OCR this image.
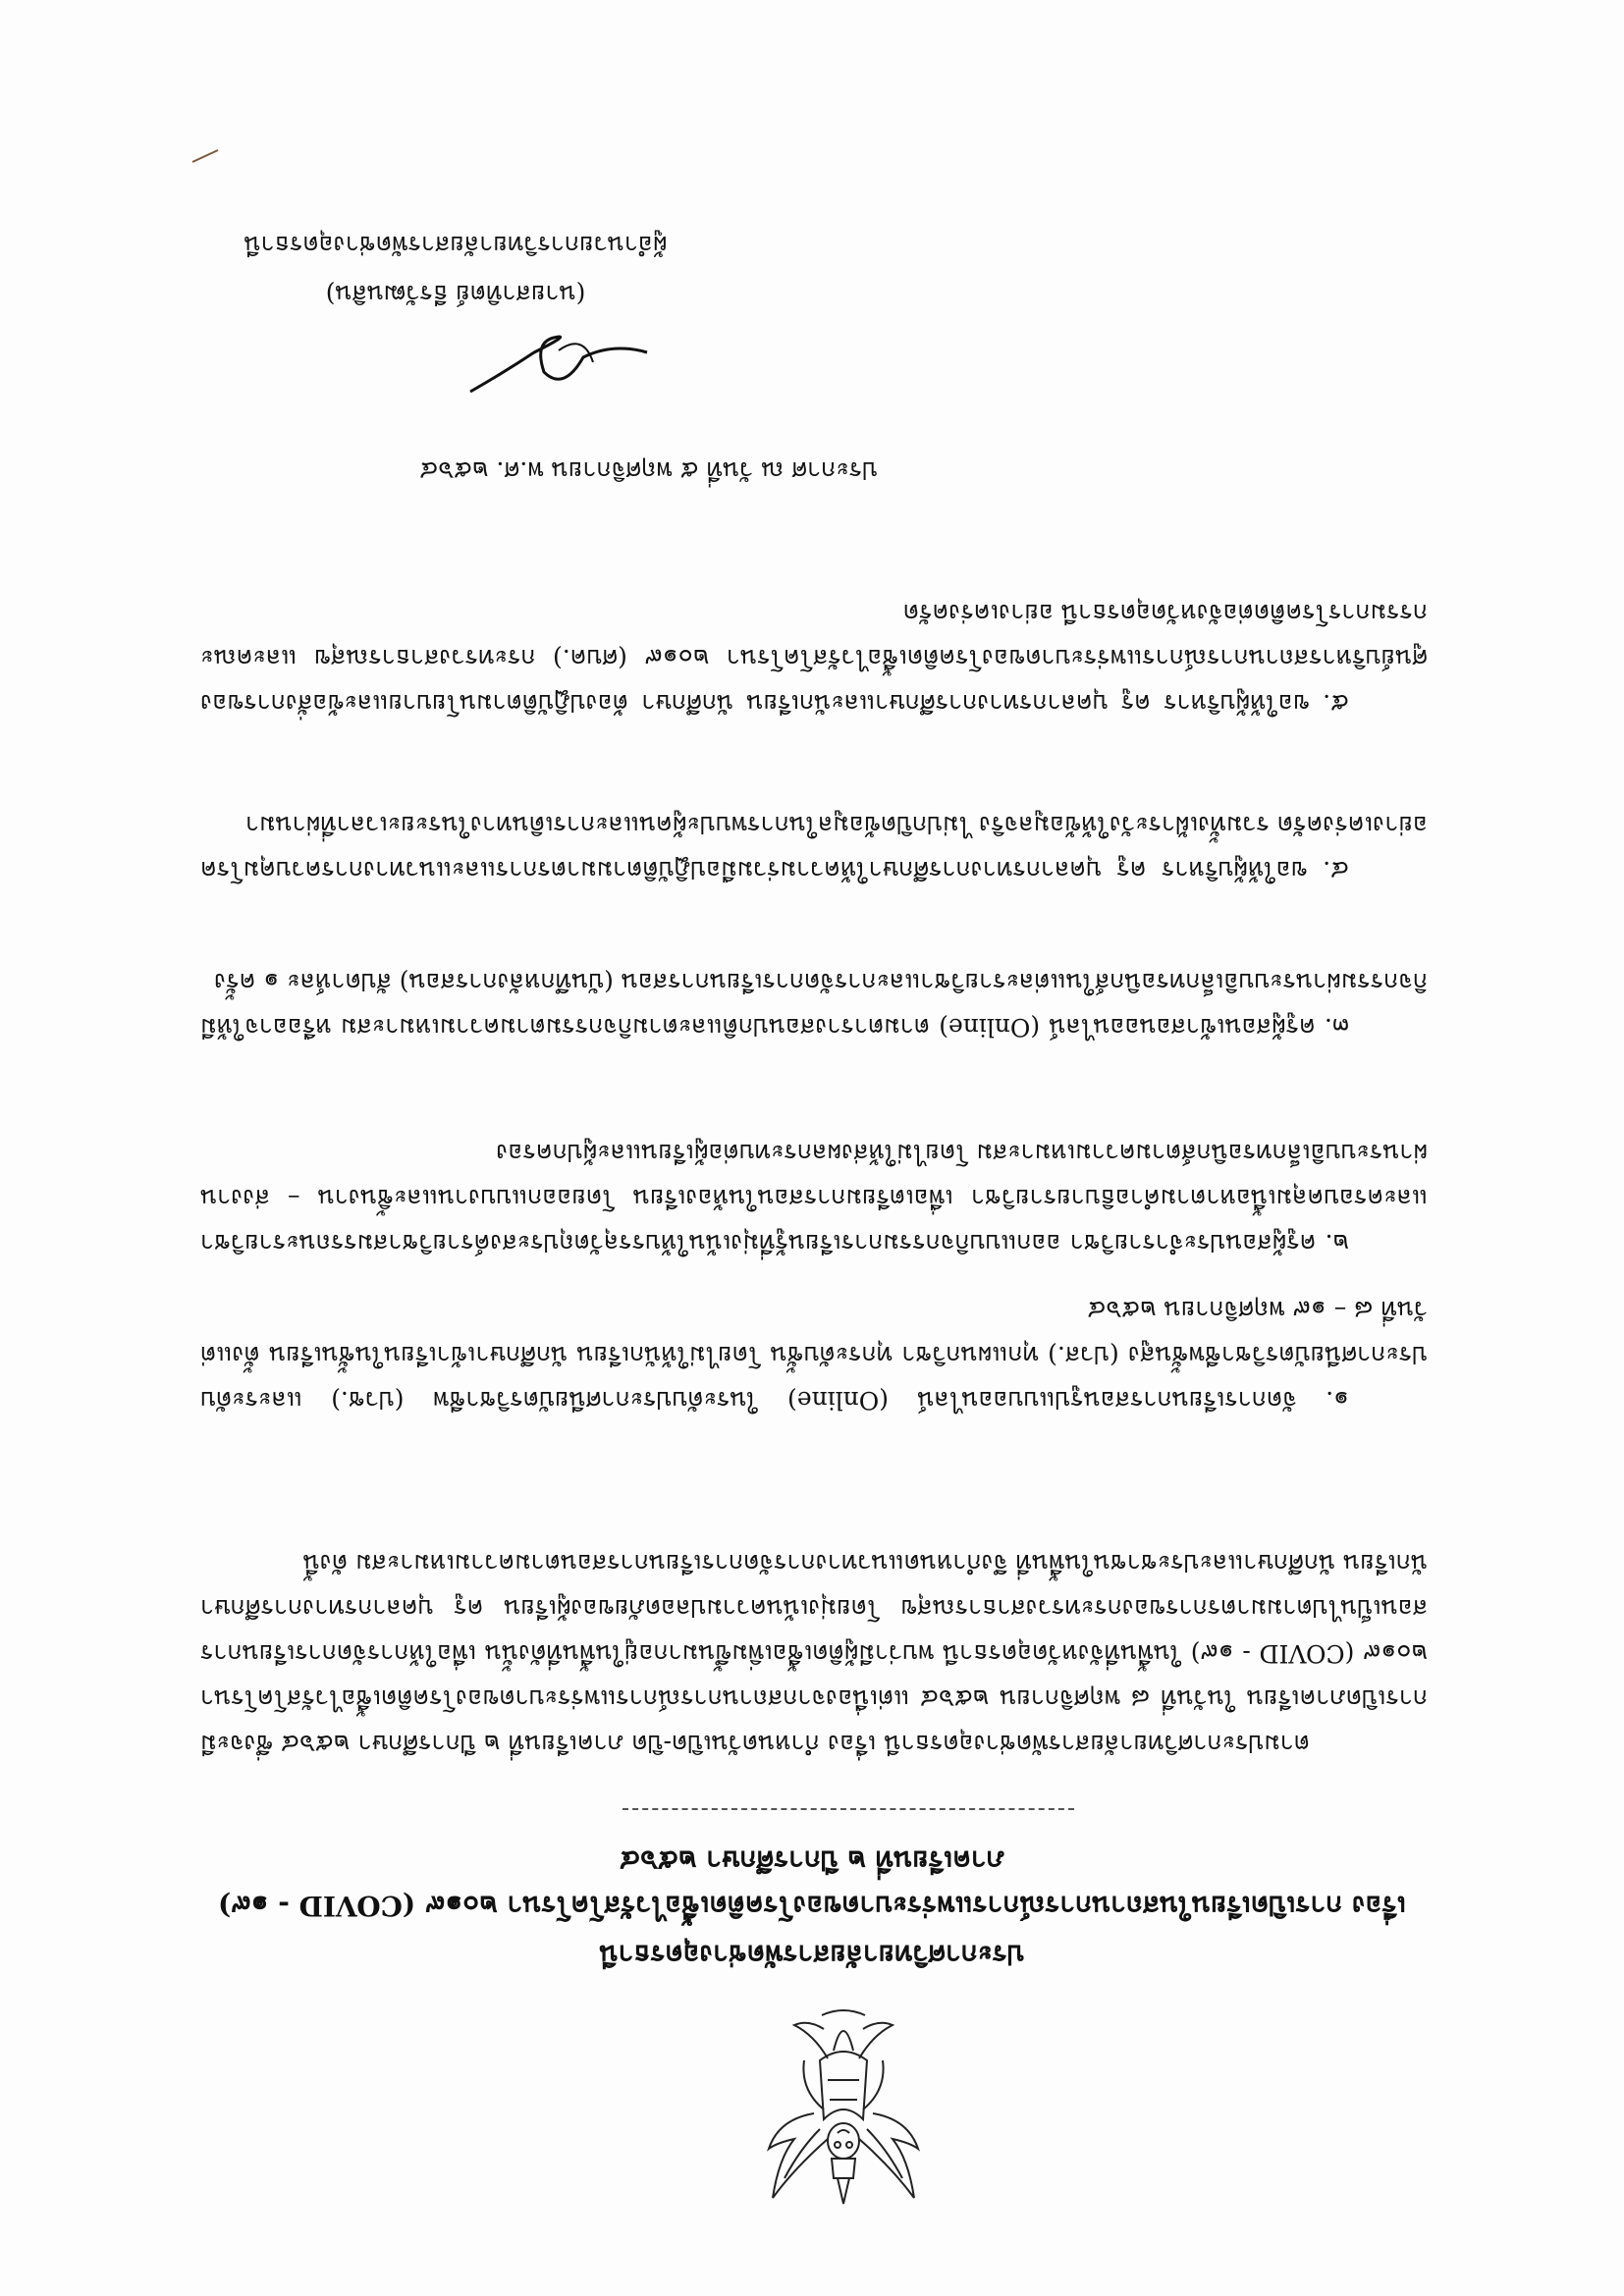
ประกาศวิทยาลัยสารพัดช่างอุดรธานี
เรื่อง การเปิดเรียนในสถานการณ์การแพร่ระบาดของโรคติดเชื้อไวรัสโคโรนา ๒๐๑๙ (COVID - ๑๙)
ภาคเรียนที่ ๒ ปีการศึกษา ๒๕๖๔
ตามประกาศวิทยาลัยสารพัดช่างอุดรธานี เรื่อง กำหนดวันเปิด-ปิด ภาคเรียนที่ ๒ ปีการศึกษา ๒๕๖๔ ซึ่งจะมีการเปิดภาคเรียน ในวันที่ ๘ พฤศจิกายน ๒๕๖๔ แต่เนื่องจากสถานการณ์การแพร่ระบาดของโรคติดเชื้อไวรัสโคโรนา ๒๐๑๙ (COVID - ๑๙) ในพื้นที่จังหวัดอุดรธานี พบว่ามีผู้ติดเชื้อเพิ่มขึ้นมากอยู่ในพื้นที่ดังนั้น เพื่อให้การจัดการเรียนการสอนเป็นไปตามมาตรการของกระทรวงสาธารณสุข โดยมุ่งเน้นความปลอดภัยของผู้เรียน ครู บุคลากรทางการศึกษา นักเรียน นักศึกษาและประชาชนในพื้นที่ จึงกำหนดแนวทางการจัดการเรียนการสอนตามความเหมาะสม ดังนี้
๑. จัดการเรียนการสอนรูปแบบออนไลน์ (Online) ในระดับประกาศนียบัตรวิชาชีพ (ปวช.) และระดับประกาศนียบัตรวิชาชีพชั้นสูง (ปวส.) ทุกแผนกวิชา ทุกระดับชั้น โดยไม่ให้นักเรียน นักศึกษาเข้าเรียนในชั้นเรียน ตั้งแต่วันที่ ๘ – ๑๙ พฤศจิกายน ๒๕๖๔
๒. ครูผู้สอนประจำรายวิชา ออกแบบกิจกรรมการเรียนรู้ที่มุ่งเน้นให้บรรลุวัตถุประสงค์รายวิชาสมรรถนะรายวิชา และครอบคลุมเนื้อหาตามคำอธิบายรายวิชา เพื่อเตรียมการสอนในห้องเรียน โดยออกแบบงานและชิ้นงาน – ส่งงานผ่านระบบอิเล็กทรอนิกส์ตามความเหมาะสม โดยไม่ให้ส่งผลกระทบต่อผู้เรียนและผู้ปกครอง
๓. ครูผู้สอนเข้าสอนออนไลน์ (Online) ตามตารางสอนปกติและตามกิจกรรมตามความเหมาะสม หรืออาจให้มีกิจกรรมผ่านระบบอิเล็กทรอนิกส์ในแต่ละรายวิชาและการจัดการเรียนการสอน (บันทึกหลังการสอน) สัปดาห์ละ ๑ ครั้ง
๔. ขอให้ผู้บริหาร ครู บุคลากรทางการศึกษาให้ความร่วมมือปฏิบัติตามมาตรการและแนวทางการควบคุมโรคอย่างเคร่งครัด รวมทั้งเฝ้าระวังให้ข้อมูลจริง ไม่ปกปิดข้อมูลในการพบปะผู้คนและการเดินทางในระยะเวลาที่ผ่านมา
๕. ขอให้ผู้บริหาร ครู บุคลากรทางการศึกษาและนักเรียน นักศึกษา ต้องปฏิบัติตามนโยบายและข้อสั่งการของศูนย์บริหารสถานการณ์การแพร่ระบาดของโรคติดเชื้อไวรัสโคโรนา ๒๐๑๙ (ศบค.) กระทรวงสาธารณสุข และคณะกรรมการโรคติดต่อจังหวัดอุดรธานี อย่างเคร่งครัด
ประกาศ ณ วันที่ ๕ พฤศจิกายน พ.ศ. ๒๕๖๔
(นายสาทิตย์ ธีรวัฒนสิน)
ผู้อำนวยการวิทยาลัยสารพัดช่างอุดรธานี
